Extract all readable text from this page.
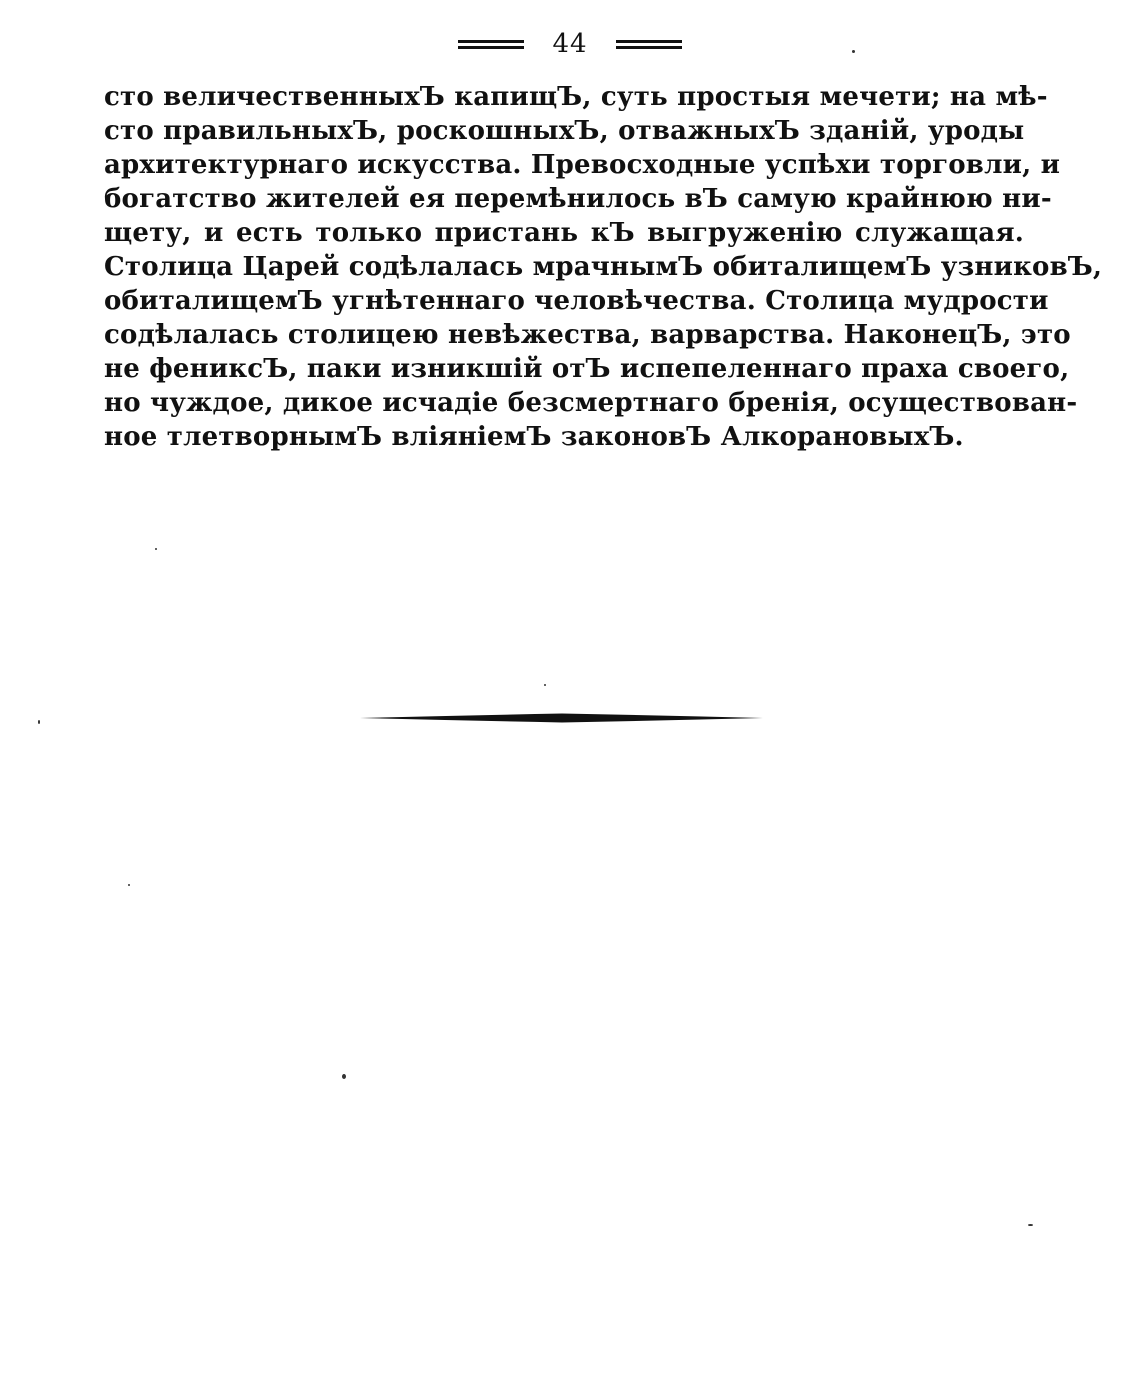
44
сто величественныхЪ капищЪ, суть простыя мечети; на мѣ-
сто правильныхЪ, роскошныхЪ, отважныхЪ зданій, уроды
архитектурнаго искусства. Превосходные успѣхи торговли, и
богатство жителей ея перемѣнилось вЪ самую крайнюю ни-
щету, и есть только пристань кЪ выгруженію служащая.
Столица Царей содѣлалась мрачнымЪ обиталищемЪ узниковЪ,
обиталищемЪ угнѣтеннаго человѣчества. Столица мудрости
содѣлалась столицею невѣжества, варварства. НаконецЪ, это
не фениксЪ, паки изникшій отЪ испепеленнаго праха своего,
но чуждое, дикое исчадіе безсмертнаго бренія, осуществован-
ное тлетворнымЪ вліяніемЪ законовЪ АлкорановыхЪ.
